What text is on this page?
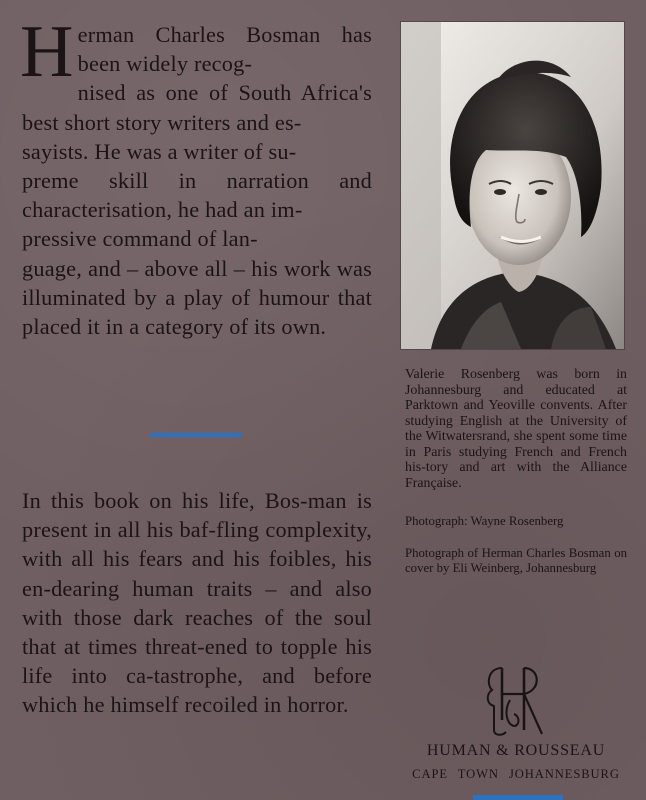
Herman Charles Bosman has been widely recog-
nised as one of South Africa's best short story writers and es-
sayists. He was a writer of su-
preme skill in narration and characterisation, he had an im-
pressive command of lan-
guage, and – above all – his work was illuminated by a play of humour that placed it in a category of its own.

In this book on his life, Bos-man is present in all his baf-fling complexity, with all his fears and his foibles, his en-dearing human traits – and also with those dark reaches of the soul that at times threat-ened to topple his life into ca-tastrophe, and before which he himself recoiled in horror.

Valerie Rosenberg was born in Johannesburg and educated at Parktown and Yeoville convents. After studying English at the University of the Witwatersrand, she spent some time in Paris studying French and French his-tory and art with the Alliance Française.

Photograph: Wayne Rosenberg

Photograph of Herman Charles Bosman on cover by Eli Weinberg, Johannesburg

HUMAN & ROUSSEAU
CAPE TOWN JOHANNESBURG
